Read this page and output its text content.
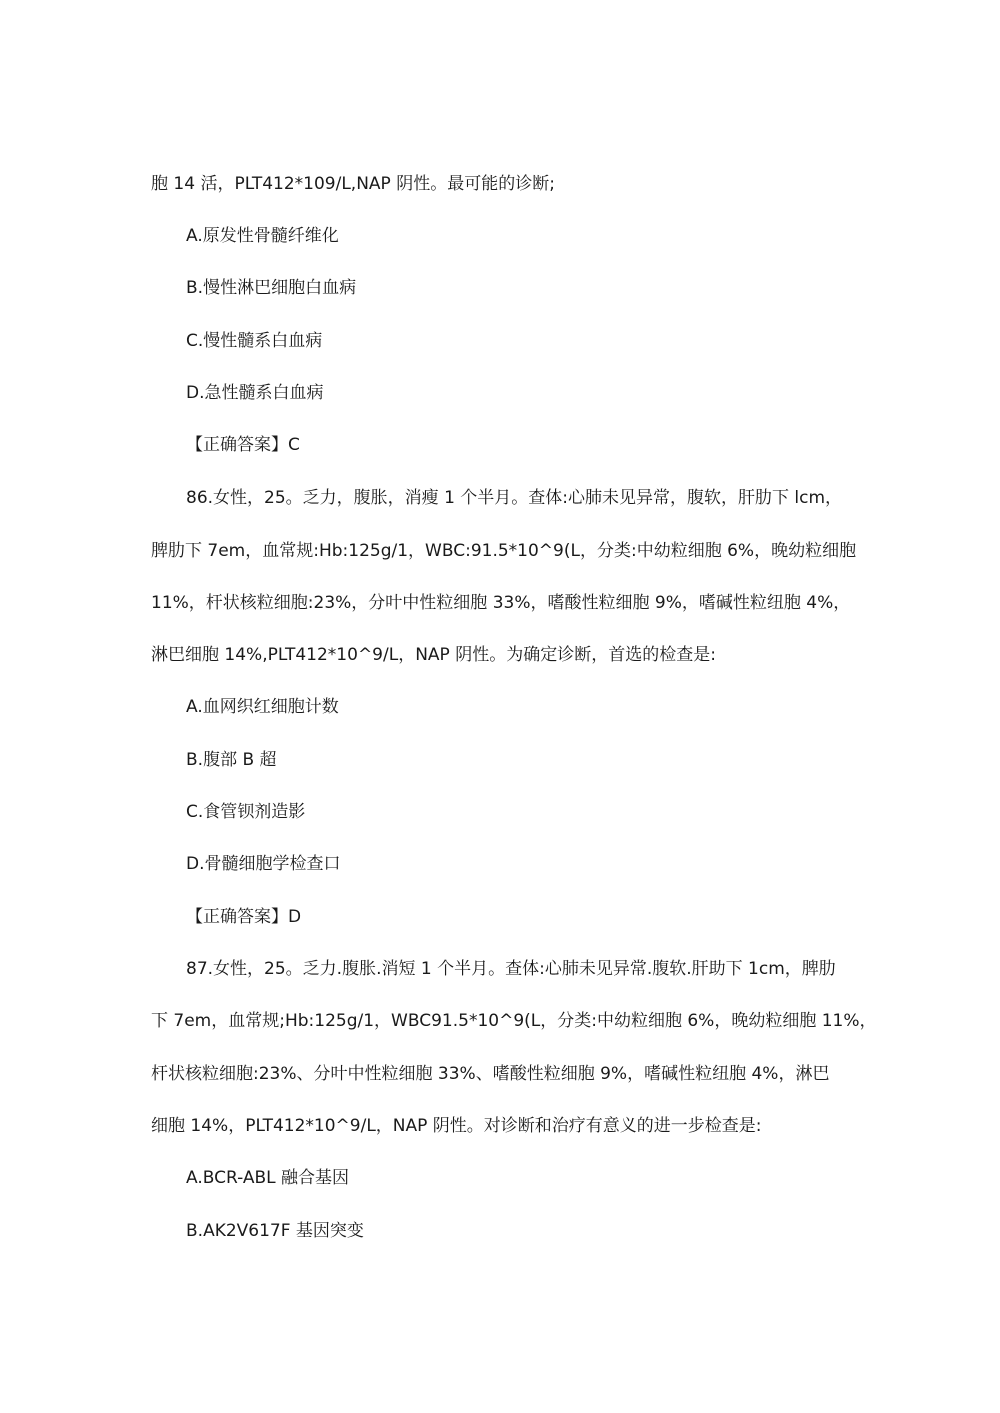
胞 14 活，PLT412*109/L,NAP 阴性。最可能的诊断;
A.原发性骨髓纤维化
B.慢性淋巴细胞白血病
C.慢性髓系白血病
D.急性髓系白血病
【正确答案】C
86.女性，25。乏力，腹胀，消瘦 1 个半月。查体:心肺未见异常，腹软，肝肋下 lcm，
脾肋下 7em，血常规:Hb:125g/1，WBC:91.5*10^9(L，分类:中幼粒细胞 6%，晚幼粒细胞
11%，杆状核粒细胞:23%，分叶中性粒细胞 33%，嗜酸性粒细胞 9%，嗜碱性粒纽胞 4%，
淋巴细胞 14%,PLT412*10^9/L，NAP 阴性。为确定诊断，首选的检查是:
A.血网织红细胞计数
B.腹部 B 超
C.食管钡剂造影
D.骨髓细胞学检查口
【正确答案】D
87.女性，25。乏力.腹胀.消短 1 个半月。查体:心肺未见异常.腹软.肝助下 1cm，脾肋
下 7em，血常规;Hb:125g/1，WBC91.5*10^9(L，分类:中幼粒细胞 6%，晚幼粒细胞 11%，
杆状核粒细胞:23%、分叶中性粒细胞 33%、嗜酸性粒细胞 9%，嗜碱性粒纽胞 4%，淋巴
细胞 14%，PLT412*10^9/L，NAP 阴性。对诊断和治疗有意义的进一步检查是:
A.BCR-ABL 融合基因
B.AK2V617F 基因突变
